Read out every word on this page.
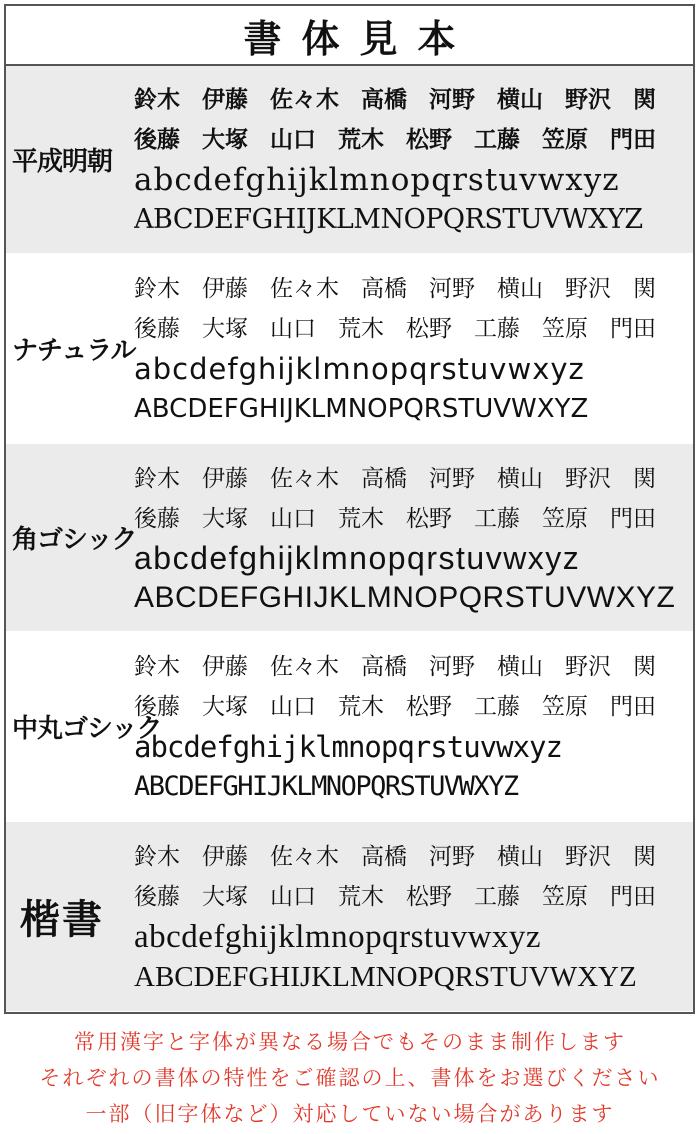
書体見本
平成明朝
鈴木 伊藤 佐々木 高橋 河野 横山 野沢 関
後藤 大塚 山口 荒木 松野 工藤 笠原 門田
abcdefghijklmnopqrstuvwxyz
ABCDEFGHIJKLMNOPQRSTUVWXYZ
ナチュラル
鈴木 伊藤 佐々木 高橋 河野 横山 野沢 関
後藤 大塚 山口 荒木 松野 工藤 笠原 門田
abcdefghijklmnopqrstuvwxyz
ABCDEFGHIJKLMNOPQRSTUVWXYZ
角ゴシック
鈴木 伊藤 佐々木 高橋 河野 横山 野沢 関
後藤 大塚 山口 荒木 松野 工藤 笠原 門田
abcdefghijklmnopqrstuvwxyz
ABCDEFGHIJKLMNOPQRSTUVWXYZ
中丸ゴシック
鈴木 伊藤 佐々木 高橋 河野 横山 野沢 関
後藤 大塚 山口 荒木 松野 工藤 笠原 門田
abcdefghijklmnopqrstuvwxyz
ABCDEFGHIJKLMNOPQRSTUVWXYZ
楷書
鈴木 伊藤 佐々木 高橋 河野 横山 野沢 関
後藤 大塚 山口 荒木 松野 工藤 笠原 門田
abcdefghijklmnopqrstuvwxyz
ABCDEFGHIJKLMNOPQRSTUVWXYZ
常用漢字と字体が異なる場合でもそのまま制作します
それぞれの書体の特性をご確認の上、書体をお選びください
一部（旧字体など）対応していない場合があります
